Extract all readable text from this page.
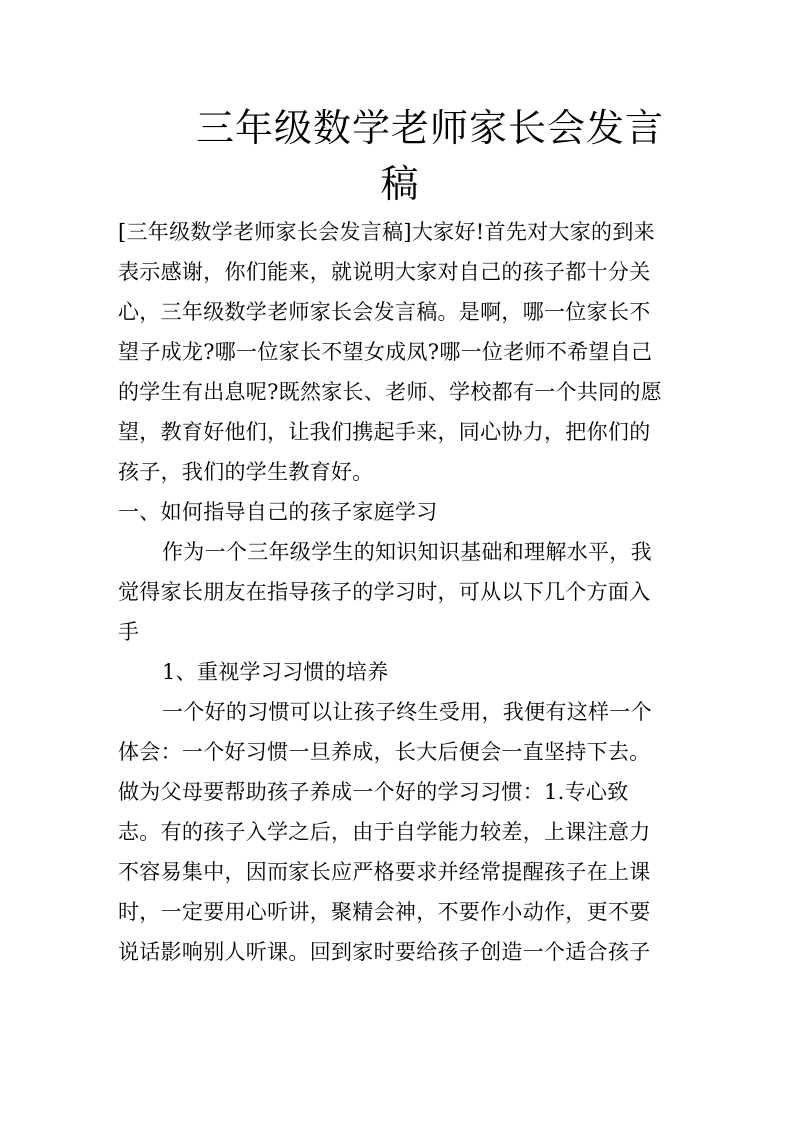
三年级数学老师家长会发言
稿
[三年级数学老师家长会发言稿]大家好!首先对大家的到来
表示感谢，你们能来，就说明大家对自己的孩子都十分关
心，三年级数学老师家长会发言稿。是啊，哪一位家长不
望子成龙?哪一位家长不望女成凤?哪一位老师不希望自己
的学生有出息呢?既然家长、老师、学校都有一个共同的愿
望，教育好他们，让我们携起手来，同心协力，把你们的
孩子，我们的学生教育好。
一、如何指导自己的孩子家庭学习
作为一个三年级学生的知识知识基础和理解水平，我
觉得家长朋友在指导孩子的学习时，可从以下几个方面入
手
1、重视学习习惯的培养
一个好的习惯可以让孩子终生受用，我便有这样一个
体会：一个好习惯一旦养成，长大后便会一直坚持下去。
做为父母要帮助孩子养成一个好的学习习惯：1.专心致
志。有的孩子入学之后，由于自学能力较差，上课注意力
不容易集中，因而家长应严格要求并经常提醒孩子在上课
时，一定要用心听讲，聚精会神，不要作小动作，更不要
说话影响别人听课。回到家时要给孩子创造一个适合孩子
